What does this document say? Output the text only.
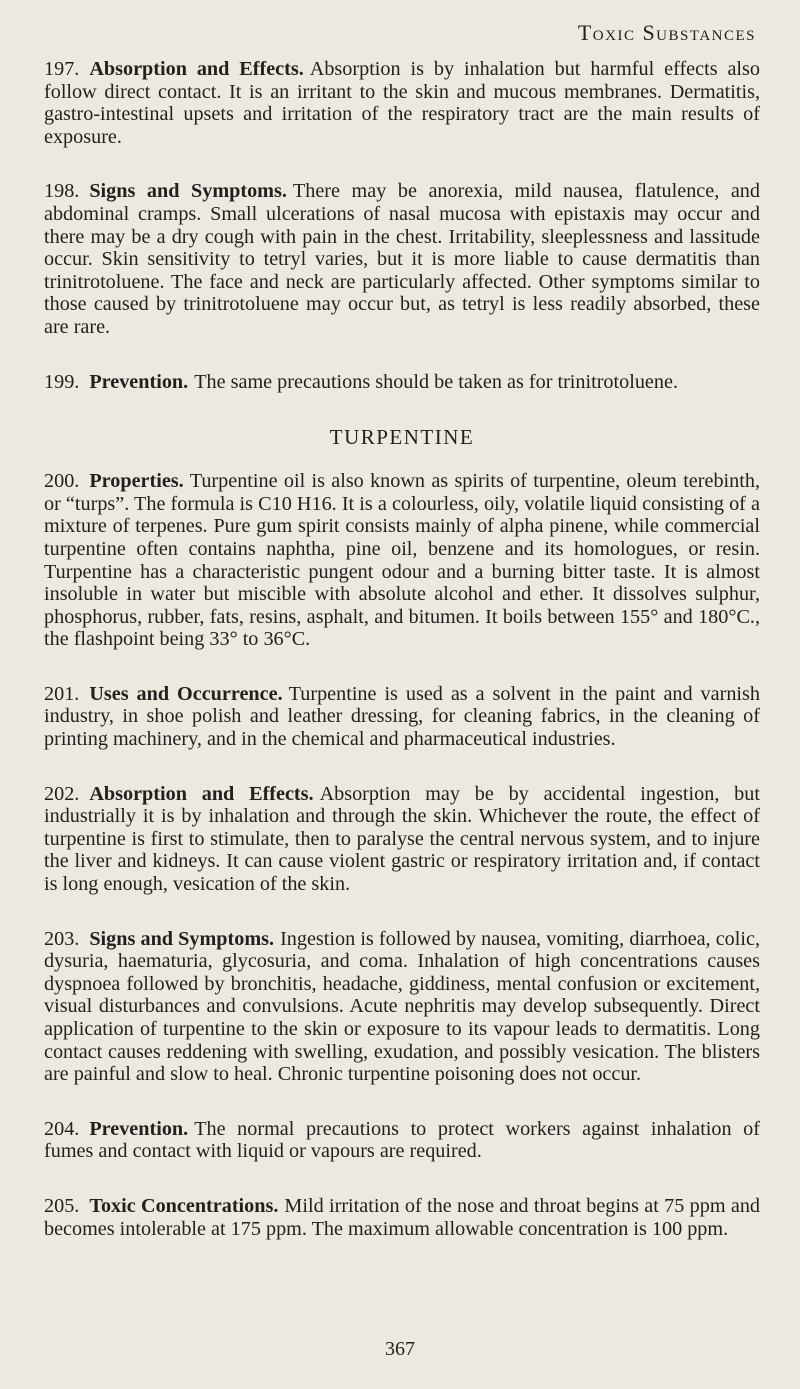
Toxic Substances

197. Absorption and Effects. Absorption is by inhalation but harmful effects also follow direct contact. It is an irritant to the skin and mucous membranes. Dermatitis, gastro-intestinal upsets and irritation of the respiratory tract are the main results of exposure.

198. Signs and Symptoms. There may be anorexia, mild nausea, flatulence, and abdominal cramps. Small ulcerations of nasal mucosa with epistaxis may occur and there may be a dry cough with pain in the chest. Irritability, sleeplessness and lassitude occur. Skin sensitivity to tetryl varies, but it is more liable to cause dermatitis than trinitrotoluene. The face and neck are particularly affected. Other symptoms similar to those caused by trinitrotoluene may occur but, as tetryl is less readily absorbed, these are rare.

199. Prevention. The same precautions should be taken as for trinitrotoluene.

TURPENTINE

200. Properties. Turpentine oil is also known as spirits of turpentine, oleum terebinth, or “turps”. The formula is C10 H16. It is a colourless, oily, volatile liquid consisting of a mixture of terpenes. Pure gum spirit consists mainly of alpha pinene, while commercial turpentine often contains naphtha, pine oil, benzene and its homologues, or resin. Turpentine has a characteristic pungent odour and a burning bitter taste. It is almost insoluble in water but miscible with absolute alcohol and ether. It dissolves sulphur, phosphorus, rubber, fats, resins, asphalt, and bitumen. It boils between 155° and 180°C., the flashpoint being 33° to 36°C.

201. Uses and Occurrence. Turpentine is used as a solvent in the paint and varnish industry, in shoe polish and leather dressing, for cleaning fabrics, in the cleaning of printing machinery, and in the chemical and pharmaceutical industries.

202. Absorption and Effects. Absorption may be by accidental ingestion, but industrially it is by inhalation and through the skin. Whichever the route, the effect of turpentine is first to stimulate, then to paralyse the central nervous system, and to injure the liver and kidneys. It can cause violent gastric or respiratory irritation and, if contact is long enough, vesication of the skin.

203. Signs and Symptoms. Ingestion is followed by nausea, vomiting, diarrhoea, colic, dysuria, haematuria, glycosuria, and coma. Inhalation of high concentrations causes dyspnoea followed by bronchitis, headache, giddiness, mental confusion or excitement, visual disturbances and convulsions. Acute nephritis may develop subsequently. Direct application of turpentine to the skin or exposure to its vapour leads to dermatitis. Long contact causes reddening with swelling, exudation, and possibly vesication. The blisters are painful and slow to heal. Chronic turpentine poisoning does not occur.

204. Prevention. The normal precautions to protect workers against inhalation of fumes and contact with liquid or vapours are required.

205. Toxic Concentrations. Mild irritation of the nose and throat begins at 75 ppm and becomes intolerable at 175 ppm. The maximum allowable concentration is 100 ppm.

367
